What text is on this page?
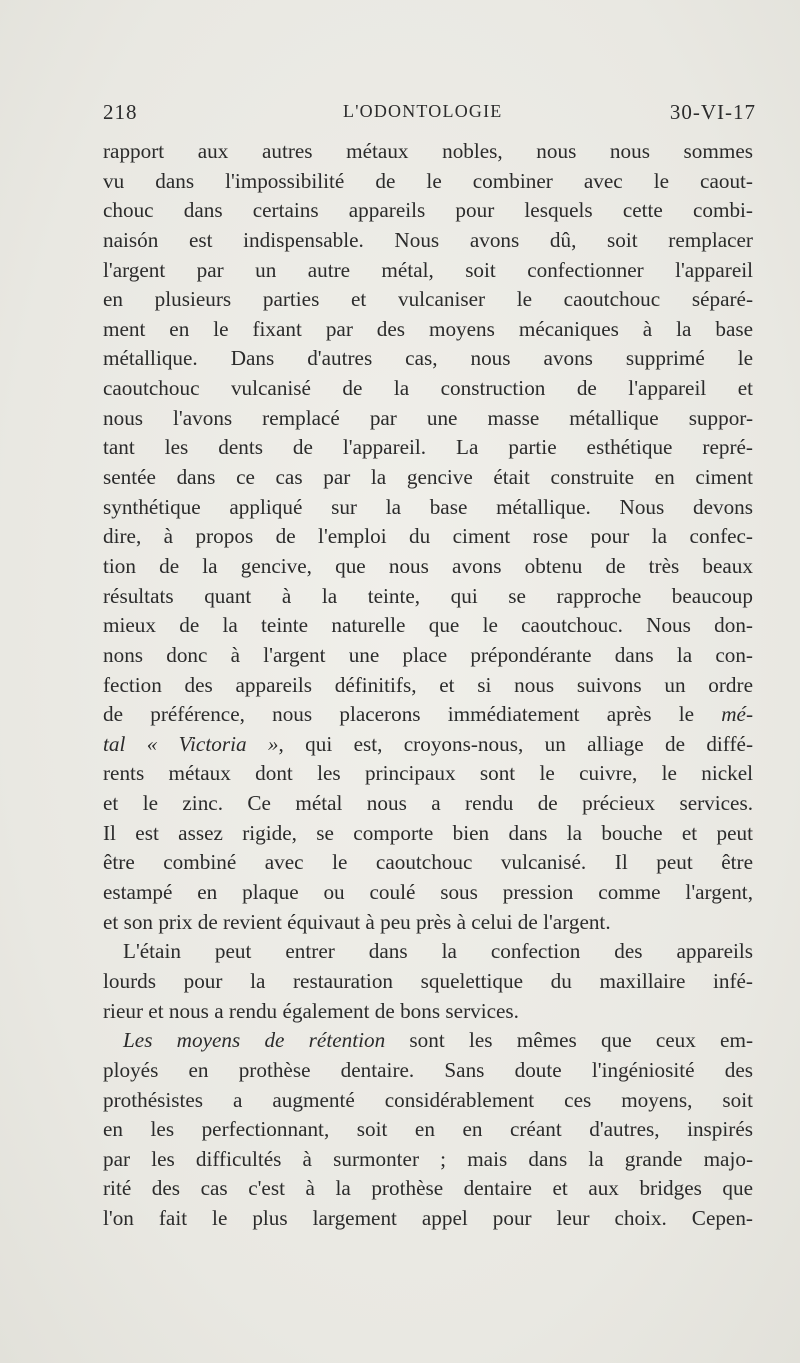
218	L'ODONTOLOGIE	30-VI-17
rapport aux autres métaux nobles, nous nous sommes
vu dans l'impossibilité de le combiner avec le caout-
chouc dans certains appareils pour lesquels cette combi-
naisón est indispensable. Nous avons dû, soit remplacer
l'argent par un autre métal, soit confectionner l'appareil
en plusieurs parties et vulcaniser le caoutchouc séparé-
ment en le fixant par des moyens mécaniques à la base
métallique. Dans d'autres cas, nous avons supprimé le
caoutchouc vulcanisé de la construction de l'appareil et
nous l'avons remplacé par une masse métallique suppor-
tant les dents de l'appareil. La partie esthétique repré-
sentée dans ce cas par la gencive était construite en ciment
synthétique appliqué sur la base métallique. Nous devons
dire, à propos de l'emploi du ciment rose pour la confec-
tion de la gencive, que nous avons obtenu de très beaux
résultats quant à la teinte, qui se rapproche beaucoup
mieux de la teinte naturelle que le caoutchouc. Nous don-
nons donc à l'argent une place prépondérante dans la con-
fection des appareils définitifs, et si nous suivons un ordre
de préférence, nous placerons immédiatement après le mé-
tal « Victoria », qui est, croyons-nous, un alliage de diffé-
rents métaux dont les principaux sont le cuivre, le nickel
et le zinc. Ce métal nous a rendu de précieux services.
Il est assez rigide, se comporte bien dans la bouche et peut
être combiné avec le caoutchouc vulcanisé. Il peut être
estampé en plaque ou coulé sous pression comme l'argent,
et son prix de revient équivaut à peu près à celui de l'argent.
L'étain peut entrer dans la confection des appareils
lourds pour la restauration squelettique du maxillaire infé-
rieur et nous a rendu également de bons services.
Les moyens de rétention sont les mêmes que ceux em-
ployés en prothèse dentaire. Sans doute l'ingéniosité des
prothésistes a augmenté considérablement ces moyens, soit
en les perfectionnant, soit en en créant d'autres, inspirés
par les difficultés à surmonter ; mais dans la grande majo-
rité des cas c'est à la prothèse dentaire et aux bridges que
l'on fait le plus largement appel pour leur choix. Cepen-
